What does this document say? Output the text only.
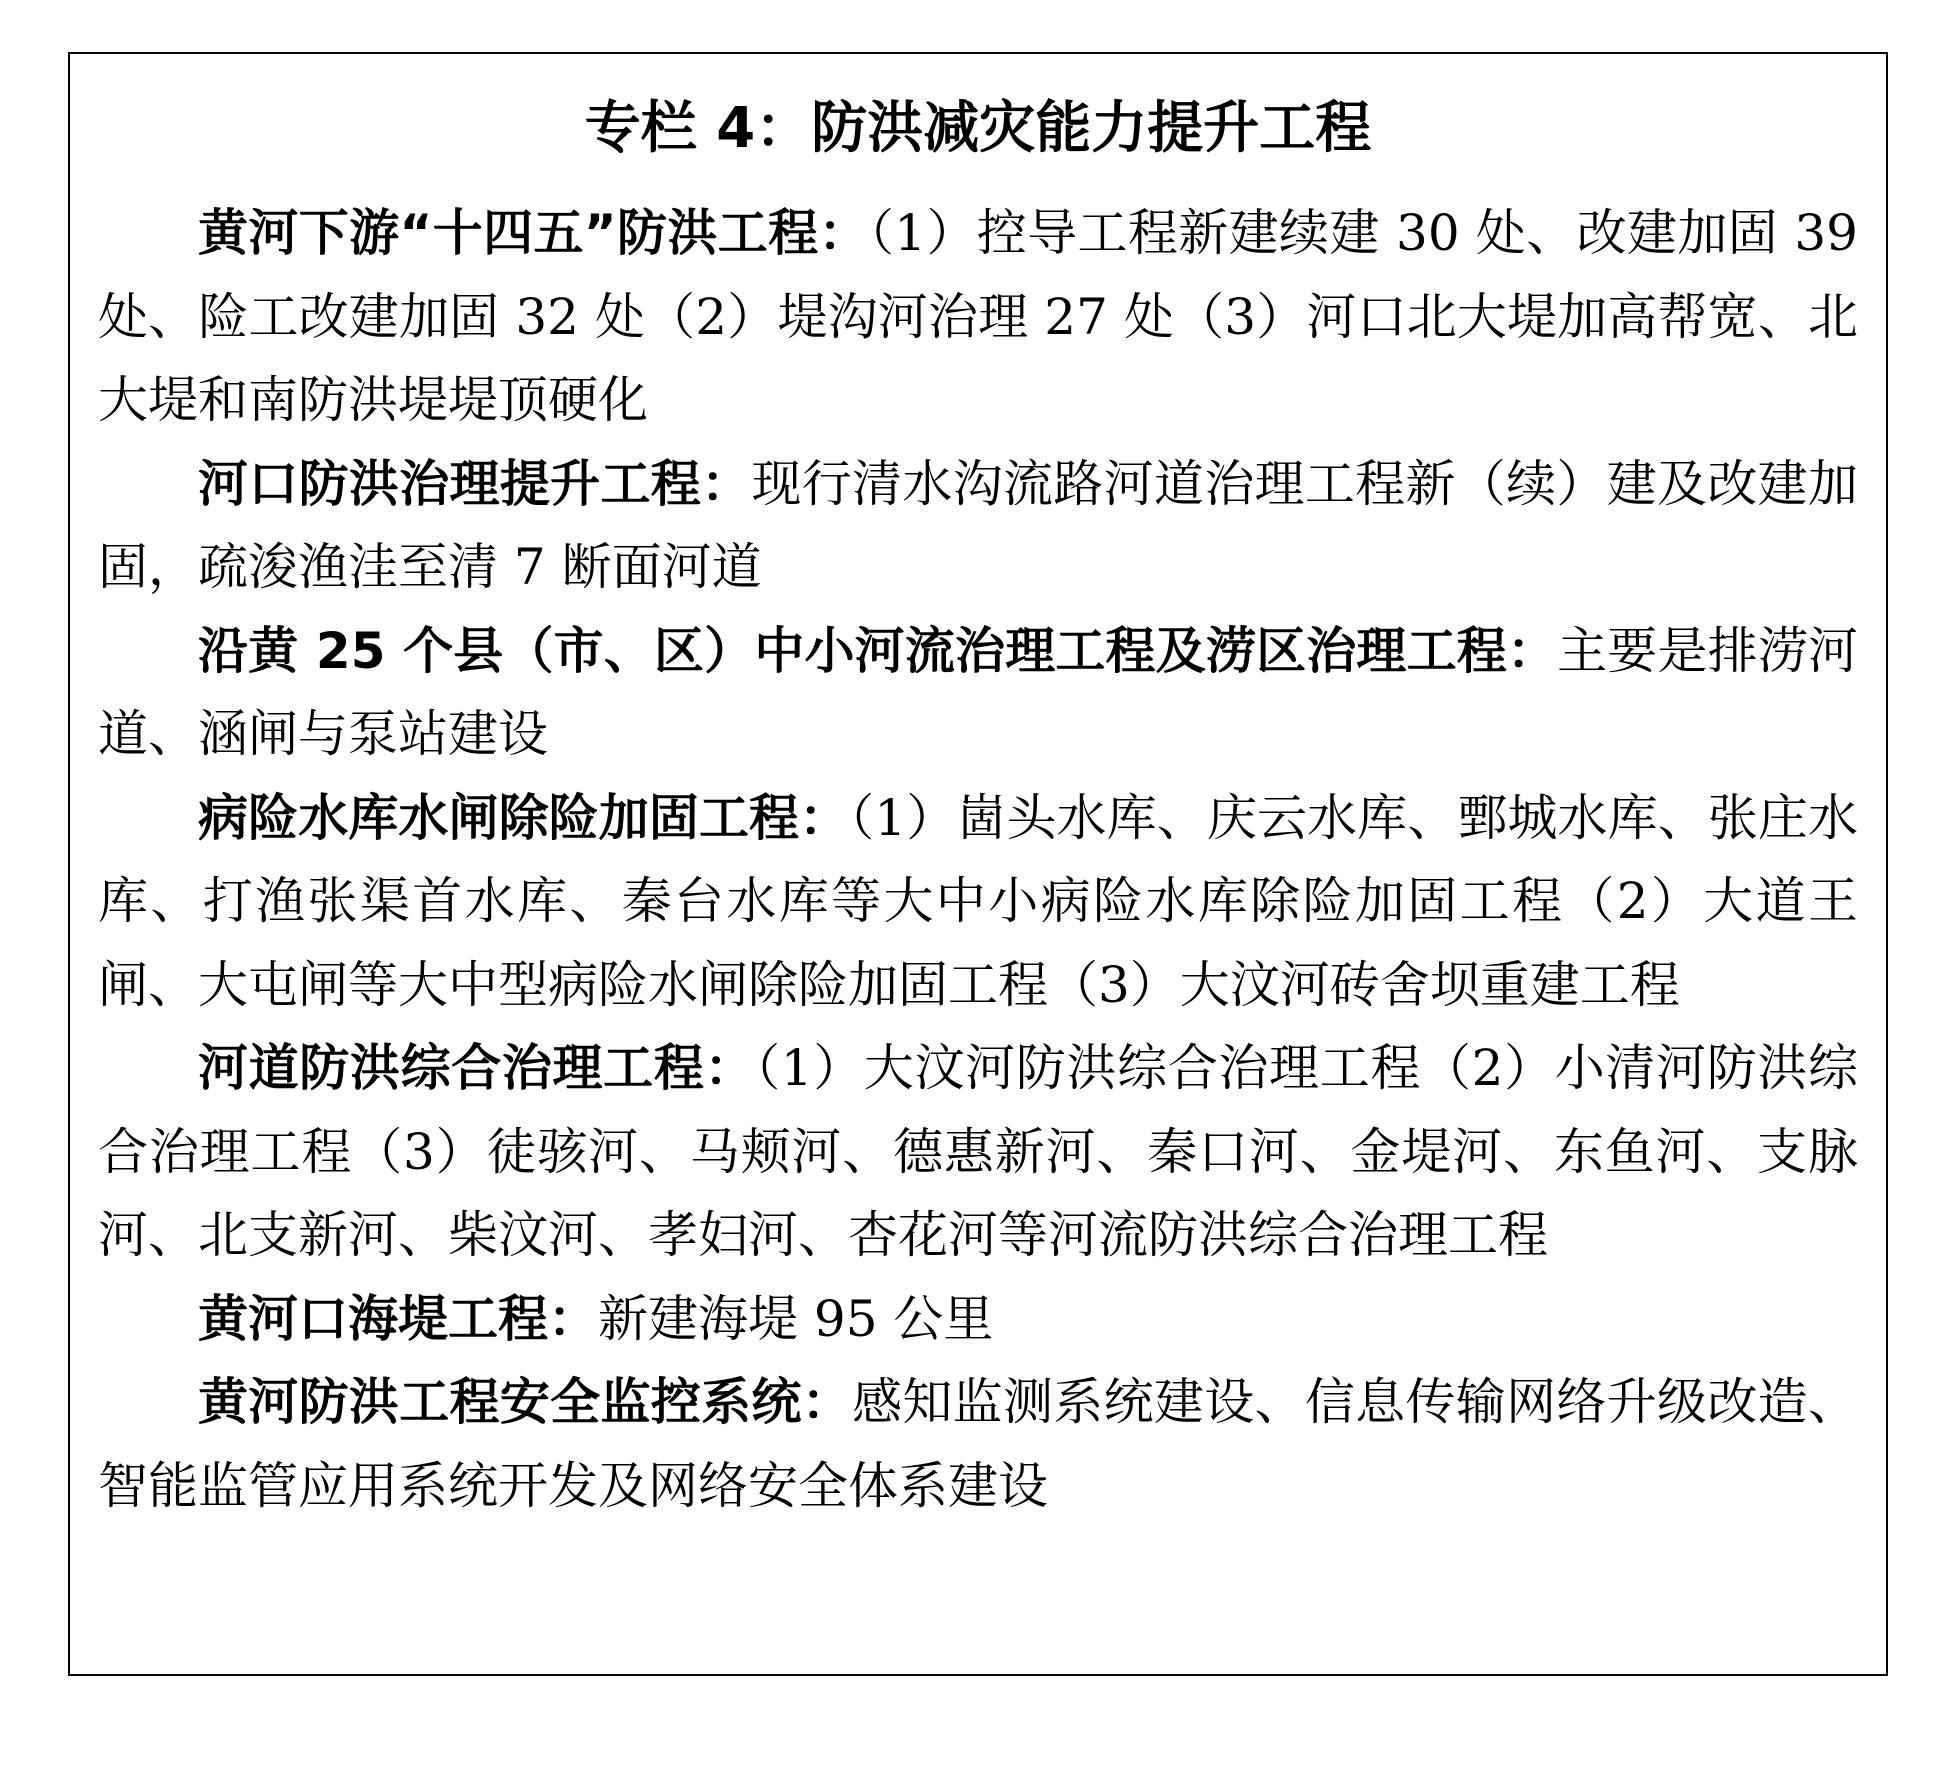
专栏 4：防洪减灾能力提升工程

黄河下游“十四五”防洪工程：（1）控导工程新建续建 30 处、改建加固 39 处、险工改建加固 32 处（2）堤沟河治理 27 处（3）河口北大堤加高帮宽、北大堤和南防洪堤堤顶硬化

河口防洪治理提升工程：现行清水沟流路河道治理工程新（续）建及改建加固，疏浚渔洼至清 7 断面河道

沿黄 25 个县（市、区）中小河流治理工程及涝区治理工程：主要是排涝河道、涵闸与泵站建设

病险水库水闸除险加固工程：（1）崮头水库、庆云水库、鄄城水库、张庄水库、打渔张渠首水库、秦台水库等大中小病险水库除险加固工程（2）大道王闸、大屯闸等大中型病险水闸除险加固工程（3）大汶河砖舍坝重建工程

河道防洪综合治理工程：（1）大汶河防洪综合治理工程（2）小清河防洪综合治理工程（3）徒骇河、马颊河、德惠新河、秦口河、金堤河、东鱼河、支脉河、北支新河、柴汶河、孝妇河、杏花河等河流防洪综合治理工程

黄河口海堤工程：新建海堤 95 公里

黄河防洪工程安全监控系统：感知监测系统建设、信息传输网络升级改造、智能监管应用系统开发及网络安全体系建设
